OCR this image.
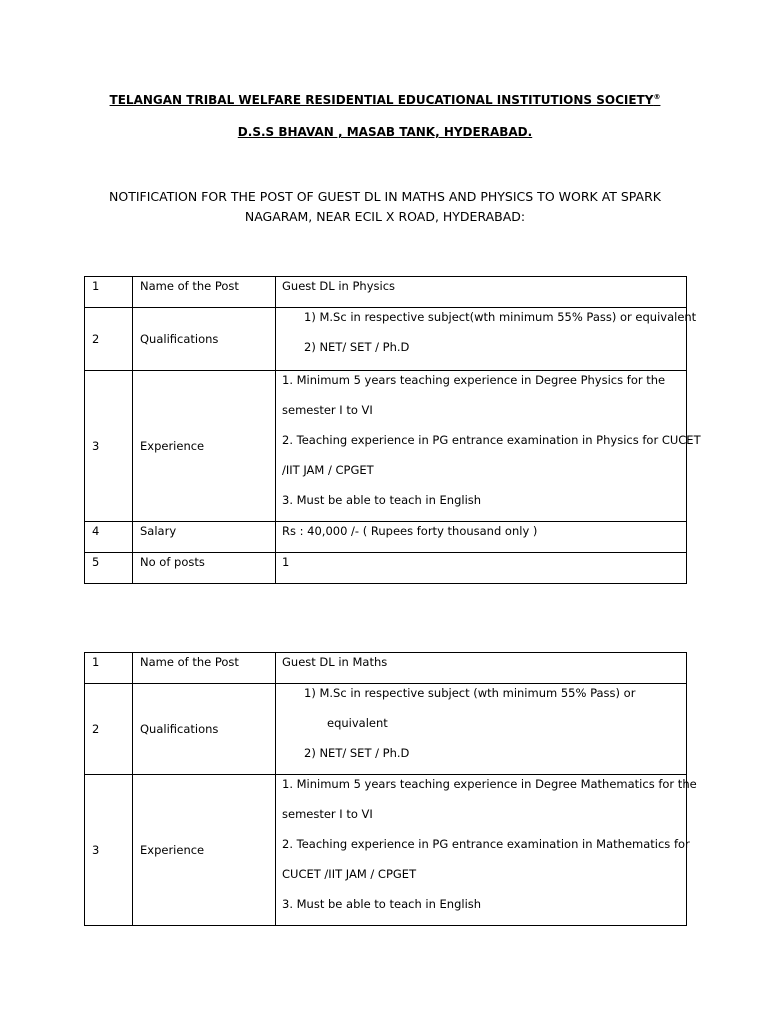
TELANGAN TRIBAL WELFARE RESIDENTIAL EDUCATIONAL INSTITUTIONS SOCIETY®
D.S.S BHAVAN , MASAB TANK, HYDERABAD.
NOTIFICATION FOR THE POST OF GUEST DL IN MATHS AND PHYSICS TO WORK AT SPARK
NAGARAM, NEAR ECIL X ROAD, HYDERABAD:
1	Name of the Post	Guest DL in Physics

2	Qualifications	1) M.Sc in respective subject(wth minimum 55% Pass) or equivalent
2) NET/ SET / Ph.D

3	Experience	1. Minimum 5 years teaching experience in Degree Physics for the
semester I to VI
2. Teaching experience in PG entrance examination in Physics for CUCET
/IIT JAM / CPGET
3. Must be able to teach in English

4	Salary	Rs : 40,000 /- ( Rupees forty thousand only )

5	No of posts	1
1	Name of the Post	Guest DL in Maths

2	Qualifications	1) M.Sc in respective subject (wth minimum 55% Pass) or
equivalent
2) NET/ SET / Ph.D

3	Experience	1. Minimum 5 years teaching experience in Degree Mathematics for the
semester I to VI
2. Teaching experience in PG entrance examination in Mathematics for
CUCET /IIT JAM / CPGET
3. Must be able to teach in English
